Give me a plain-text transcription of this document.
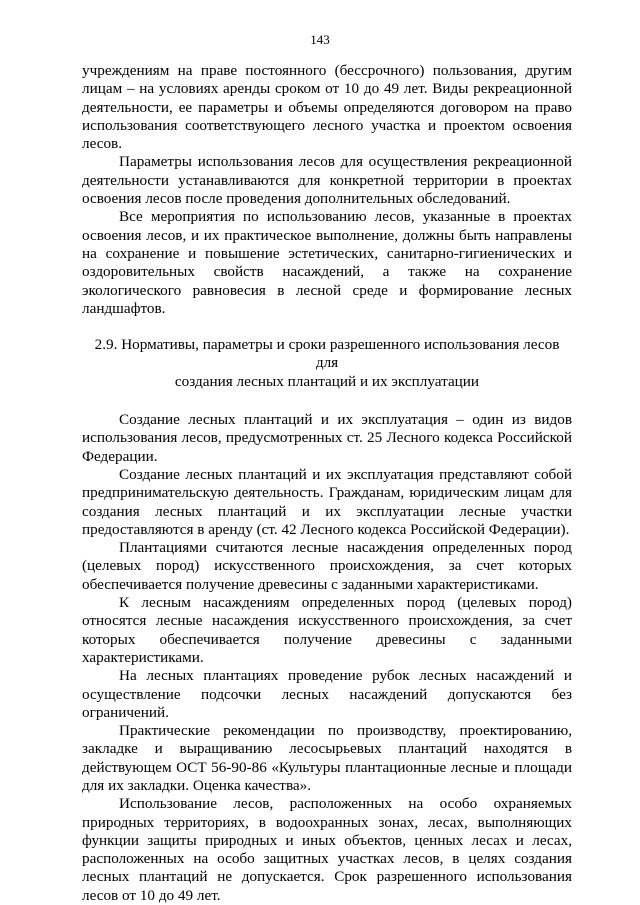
143

учреждениям на праве постоянного (бессрочного) пользования, другим лицам – на условиях аренды сроком от 10 до 49 лет. Виды рекреационной деятельности, ее параметры и объемы определяются договором на право использования соответствующего лесного участка и проектом освоения лесов.

Параметры использования лесов для осуществления рекреационной деятельности устанавливаются для конкретной территории в проектах освоения лесов после проведения дополнительных обследований.

Все мероприятия по использованию лесов, указанные в проектах освоения лесов, и их практическое выполнение, должны быть направлены на сохранение и повышение эстетических, санитарно-гигиенических и оздоровительных свойств насаждений, а также на сохранение экологического равновесия в лесной среде и формирование лесных ландшафтов.

2.9. Нормативы, параметры и сроки разрешенного использования лесов для
создания лесных плантаций и их эксплуатации

Создание лесных плантаций и их эксплуатация – один из видов использования лесов, предусмотренных ст. 25 Лесного кодекса Российской Федерации.

Создание лесных плантаций и их эксплуатация представляют собой предпринимательскую деятельность. Гражданам, юридическим лицам для создания лесных плантаций и их эксплуатации лесные участки предоставляются в аренду (ст. 42 Лесного кодекса Российской Федерации).

Плантациями считаются лесные насаждения определенных пород (целевых пород) искусственного происхождения, за счет которых обеспечивается получение древесины с заданными характеристиками.

К лесным насаждениям определенных пород (целевых пород) относятся лесные насаждения искусственного происхождения, за счет которых обеспечивается получение древесины с заданными характеристиками.

На лесных плантациях проведение рубок лесных насаждений и осуществление подсочки лесных насаждений допускаются без ограничений.

Практические рекомендации по производству, проектированию, закладке и выращиванию лесосырьевых плантаций находятся в действующем ОСТ 56-90-86 «Культуры плантационные лесные и площади для их закладки. Оценка качества».

Использование лесов, расположенных на особо охраняемых природных территориях, в водоохранных зонах, лесах, выполняющих функции защиты природных и иных объектов, ценных лесах и лесах, расположенных на особо защитных участках лесов, в целях создания лесных плантаций не допускается. Срок разрешенного использования лесов от 10 до 49 лет.
